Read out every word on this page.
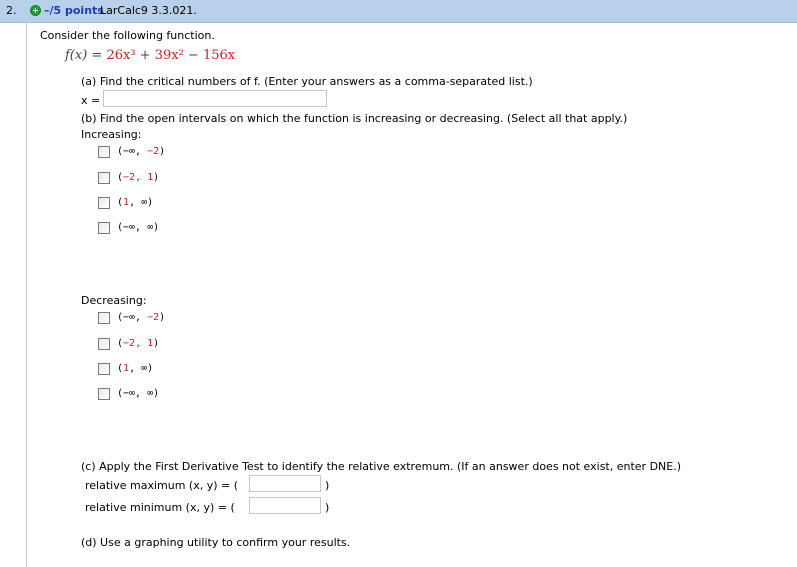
2.	–/5 points
LarCalc9 3.3.021.
Consider the following function.
f(x) = 26x³ + 39x² − 156x
(a) Find the critical numbers of f. (Enter your answers as a comma-separated list.)
x =
(b) Find the open intervals on which the function is increasing or decreasing. (Select all that apply.)
Increasing:
(−∞, −2)
(−2, 1)
(1, ∞)
(−∞, ∞)
Decreasing:
(−∞, −2)
(−2, 1)
(1, ∞)
(−∞, ∞)
(c) Apply the First Derivative Test to identify the relative extremum. (If an answer does not exist, enter DNE.)
relative maximum (x, y) = (	)
relative minimum (x, y) = (	)
(d) Use a graphing utility to confirm your results.
